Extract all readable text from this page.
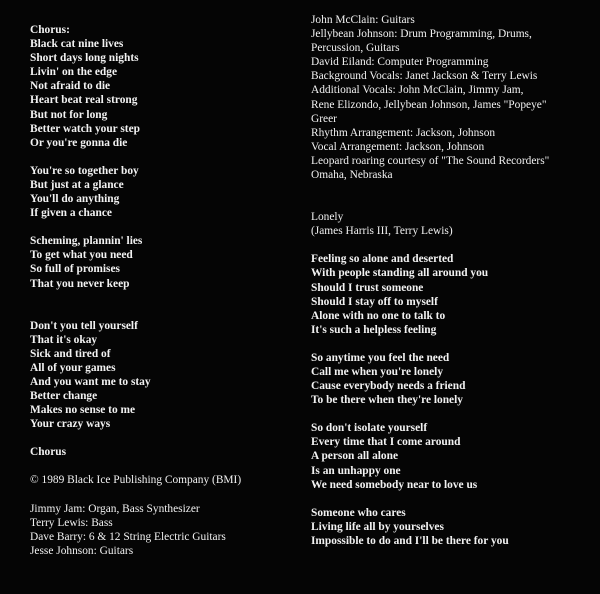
Chorus:
Black cat nine lives
Short days long nights
Livin' on the edge
Not afraid to die
Heart beat real strong
But not for long
Better watch your step
Or you're gonna die
You're so together boy
But just at a glance
You'll do anything
If given a chance
Scheming, plannin' lies
To get what you need
So full of promises
That you never keep
Don't you tell yourself
That it's okay
Sick and tired of
All of your games
And you want me to stay
Better change
Makes no sense to me
Your crazy ways
Chorus
© 1989 Black Ice Publishing Company (BMI)
Jimmy Jam: Organ, Bass Synthesizer
Terry Lewis: Bass
Dave Barry: 6 & 12 String Electric Guitars
Jesse Johnson: Guitars
John McClain: Guitars
Jellybean Johnson: Drum Programming, Drums,
Percussion, Guitars
David Eiland: Computer Programming
Background Vocals: Janet Jackson & Terry Lewis
Additional Vocals: John McClain, Jimmy Jam,
Rene Elizondo, Jellybean Johnson, James "Popeye"
Greer
Rhythm Arrangement: Jackson, Johnson
Vocal Arrangement: Jackson, Johnson
Leopard roaring courtesy of "The Sound Recorders"
Omaha, Nebraska
Lonely
(James Harris III, Terry Lewis)
Feeling so alone and deserted
With people standing all around you
Should I trust someone
Should I stay off to myself
Alone with no one to talk to
It's such a helpless feeling
So anytime you feel the need
Call me when you're lonely
Cause everybody needs a friend
To be there when they're lonely
So don't isolate yourself
Every time that I come around
A person all alone
Is an unhappy one
We need somebody near to love us
Someone who cares
Living life all by yourselves
Impossible to do and I'll be there for you
